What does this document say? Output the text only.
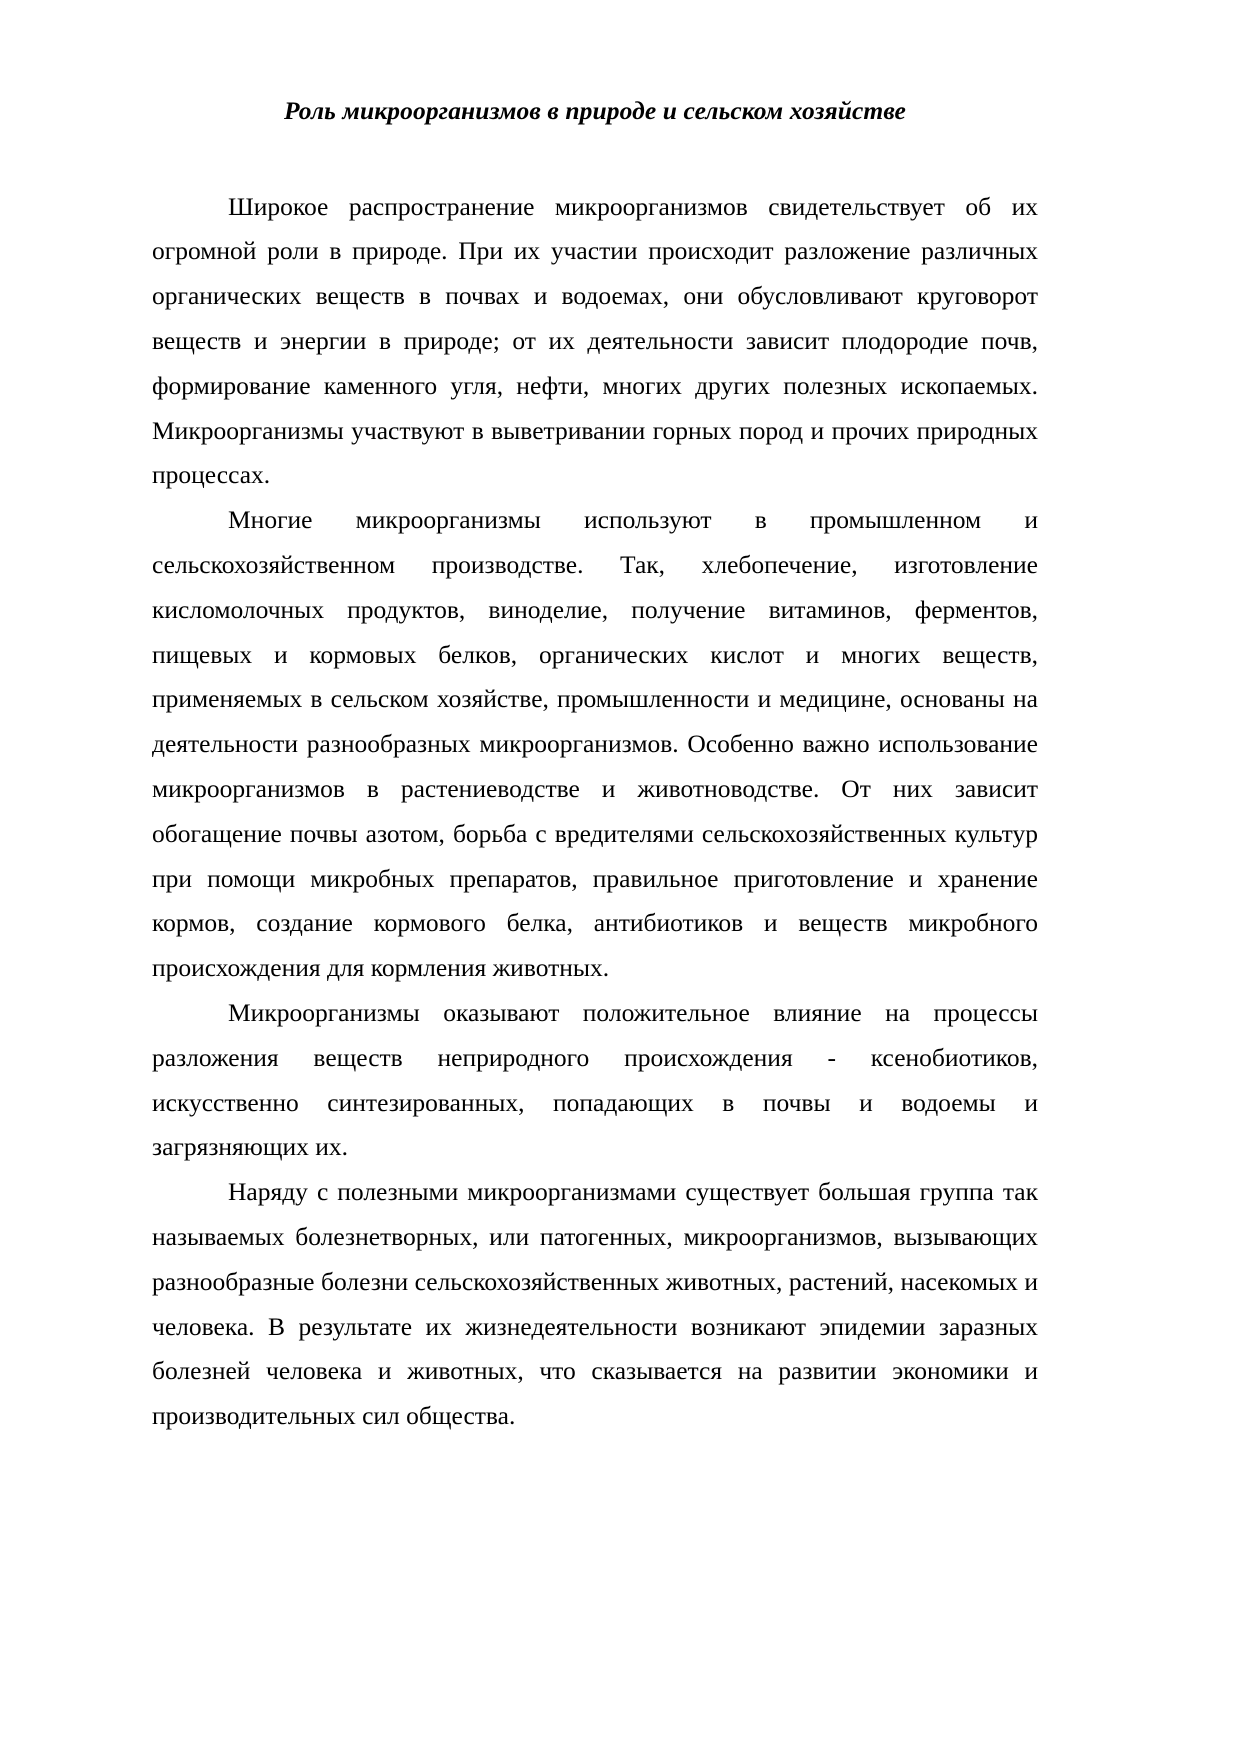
Роль микроорганизмов в природе и сельском хозяйстве

Широкое распространение микроорганизмов свидетельствует об их огромной роли в природе. При их участии происходит разложение различных органических веществ в почвах и водоемах, они обусловливают круговорот веществ и энергии в природе; от их деятельности зависит плодородие почв, формирование каменного угля, нефти, многих других полезных ископаемых. Микроорганизмы участвуют в выветривании горных пород и прочих природных процессах.

Многие микроорганизмы используют в промышленном и сельскохозяйственном производстве. Так, хлебопечение, изготовление кисломолочных продуктов, виноделие, получение витаминов, ферментов, пищевых и кормовых белков, органических кислот и многих веществ, применяемых в сельском хозяйстве, промышленности и медицине, основаны на деятельности разнообразных микроорганизмов. Особенно важно использование микроорганизмов в растениеводстве и животноводстве. От них зависит обогащение почвы азотом, борьба с вредителями сельскохозяйственных культур при помощи микробных препаратов, правильное приготовление и хранение кормов, создание кормового белка, антибиотиков и веществ микробного происхождения для кормления животных.

Микроорганизмы оказывают положительное влияние на процессы разложения веществ неприродного происхождения - ксенобиотиков, искусственно синтезированных, попадающих в почвы и водоемы и загрязняющих их.

Наряду с полезными микроорганизмами существует большая группа так называемых болезнетворных, или патогенных, микроорганизмов, вызывающих разнообразные болезни сельскохозяйственных животных, растений, насекомых и человека. В результате их жизнедеятельности возникают эпидемии заразных болезней человека и животных, что сказывается на развитии экономики и производительных сил общества.
